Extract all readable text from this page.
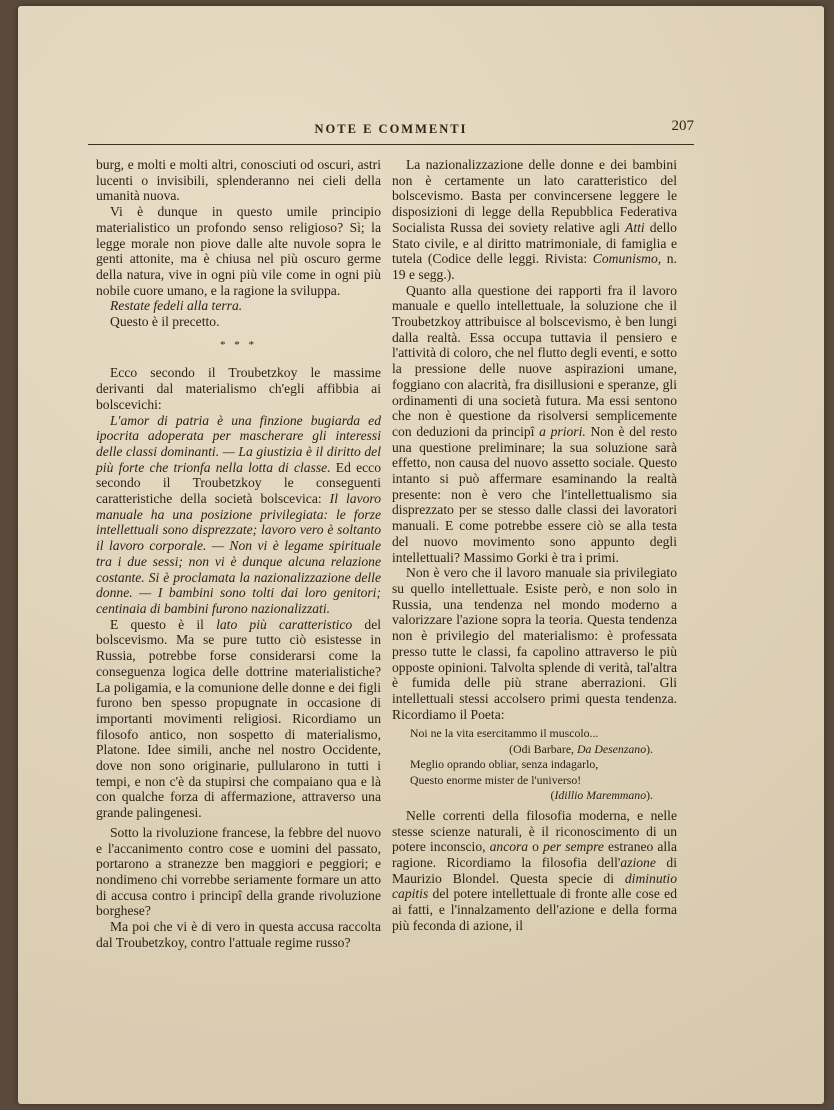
NOTE E COMMENTI	207

burg, e molti e molti altri, conosciuti od oscuri, astri lucenti o invisibili, splenderanno nei cieli della umanità nuova.

Vi è dunque in questo umile principio materialistico un profondo senso religioso? Sì; la legge morale non piove dalle alte nuvole sopra le genti attonite, ma è chiusa nel più oscuro germe della natura, vive in ogni più vile come in ogni più nobile cuore umano, e la ragione la sviluppa.

Restate fedeli alla terra.

Questo è il precetto.

* * *

Ecco secondo il Troubetzkoy le massime derivanti dal materialismo ch'egli affibbia ai bolscevichi:

L'amor di patria è una finzione bugiarda ed ipocrita adoperata per mascherare gli interessi delle classi dominanti. — La giustizia è il diritto del più forte che trionfa nella lotta di classe. Ed ecco secondo il Troubetzkoy le conseguenti caratteristiche della società bolscevica: Il lavoro manuale ha una posizione privilegiata: le forze intellettuali sono disprezzate; lavoro vero è soltanto il lavoro corporale. — Non vi è legame spirituale tra i due sessi; non vi è dunque alcuna relazione costante. Si è proclamata la nazionalizzazione delle donne. — I bambini sono tolti dai loro genitori; centinaia di bambini furono nazionalizzati.

E questo è il lato più caratteristico del bolscevismo. Ma se pure tutto ciò esistesse in Russia, potrebbe forse considerarsi come la conseguenza logica delle dottrine materialistiche? La poligamia, e la comunione delle donne e dei figli furono ben spesso propugnate in occasione di importanti movimenti religiosi. Ricordiamo un filosofo antico, non sospetto di materialismo, Platone. Idee simili, anche nel nostro Occidente, dove non sono originarie, pullularono in tutti i tempi, e non c'è da stupirsi che compaiano qua e là con qualche forza di affermazione, attraverso una grande palingenesi.

Sotto la rivoluzione francese, la febbre del nuovo e l'accanimento contro cose e uomini del passato, portarono a stranezze ben maggiori e peggiori; e nondimeno chi vorrebbe seriamente formare un atto di accusa contro i principî della grande rivoluzione borghese?

Ma poi che vi è di vero in questa accusa raccolta dal Troubetzkoy, contro l'attuale regime russo?

La nazionalizzazione delle donne e dei bambini non è certamente un lato caratteristico del bolscevismo. Basta per convincersene leggere le disposizioni di legge della Repubblica Federativa Socialista Russa dei soviety relative agli Atti dello Stato civile, e al diritto matrimoniale, di famiglia e tutela (Codice delle leggi. Rivista: Comunismo, n. 19 e segg.).

Quanto alla questione dei rapporti fra il lavoro manuale e quello intellettuale, la soluzione che il Troubetzkoy attribuisce al bolscevismo, è ben lungi dalla realtà. Essa occupa tuttavia il pensiero e l'attività di coloro, che nel flutto degli eventi, e sotto la pressione delle nuove aspirazioni umane, foggiano con alacrità, fra disillusioni e speranze, gli ordinamenti di una società futura. Ma essi sentono che non è questione da risolversi semplicemente con deduzioni da principî a priori. Non è del resto una questione preliminare; la sua soluzione sarà effetto, non causa del nuovo assetto sociale. Questo intanto si può affermare esaminando la realtà presente: non è vero che l'intellettualismo sia disprezzato per se stesso dalle classi dei lavoratori manuali. E come potrebbe essere ciò se alla testa del nuovo movimento sono appunto degli intellettuali? Massimo Gorki è tra i primi.

Non è vero che il lavoro manuale sia privilegiato su quello intellettuale. Esiste però, e non solo in Russia, una tendenza nel mondo moderno a valorizzare l'azione sopra la teoria. Questa tendenza non è privilegio del materialismo: è professata presso tutte le classi, fa capolino attraverso le più opposte opinioni. Talvolta splende di verità, tal'altra è fumida delle più strane aberrazioni. Gli intellettuali stessi accolsero primi questa tendenza. Ricordiamo il Poeta:

Noi ne la vita esercitammo il muscolo...
(Odi Barbare, Da Desenzano).
Meglio oprando obliar, senza indagarlo,
Questo enorme mister de l'universo!
(Idillio Maremmano).

Nelle correnti della filosofia moderna, e nelle stesse scienze naturali, è il riconoscimento di un potere inconscio, ancora o per sempre estraneo alla ragione. Ricordiamo la filosofia dell'azione di Maurizio Blondel. Questa specie di diminutio capitis del potere intellettuale di fronte alle cose ed ai fatti, e l'innalzamento dell'azione e della forma più feconda di azione, il
